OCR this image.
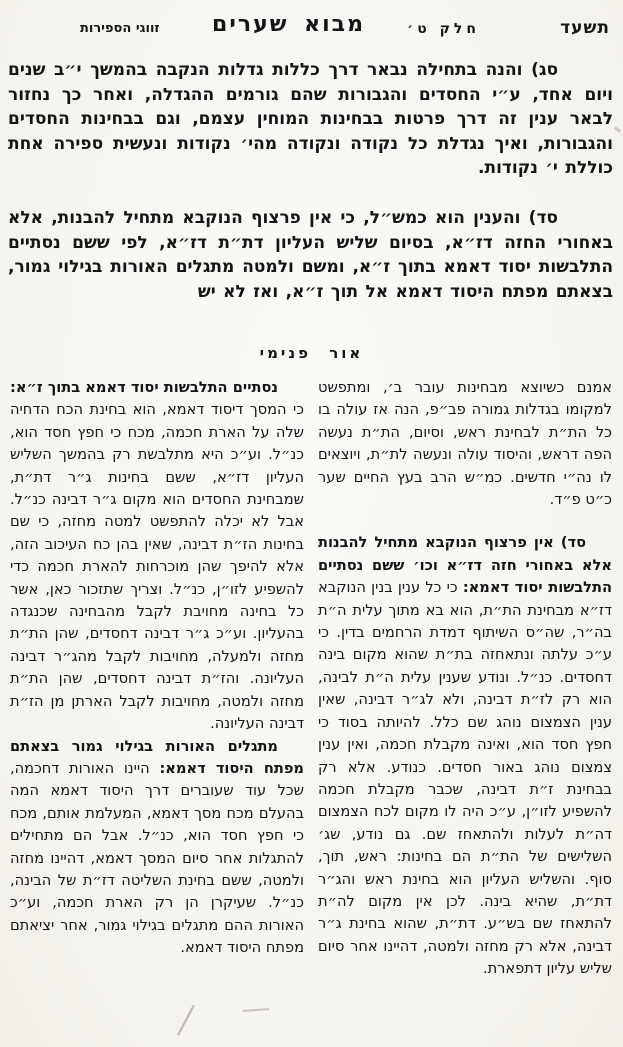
תשעד
חלק ט׳
מבוא שערים
זווגי הספירות

סג) והנה בתחילה נבאר דרך כללות גדלות הנקבה בהמשך י״ב שנים ויום אחד, ע״י החסדים והגבורות שהם גורמים ההגדלה, ואחר כך נחזור לבאר ענין זה דרך פרטות בבחינות המוחין עצמם, וגם בבחינות החסדים והגבורות, ואיך נגדלת כל נקודה ונקודה מהי׳ נקודות ונעשית ספירה אחת כוללת י׳ נקודות.

סד) והענין הוא כמש״ל, כי אין פרצוף הנוקבא מתחיל להבנות, אלא באחורי החזה דז״א, בסיום שליש העליון דת״ת דז״א, לפי ששם נסתיים התלבשות יסוד דאמא בתוך ז״א, ומשם ולמטה מתגלים האורות בגילוי גמור, בצאתם מפתח היסוד דאמא אל תוך ז״א, ואז לא יש

אור פנימי

אמנם כשיוצא מבחינות עובר ב׳, ומתפשט למקומו בגדלות גמורה פב״פ, הנה אז עולה בו כל הת״ת לבחינת ראש, וסיום, הת״ת נעשה הפה דראש, והיסוד עולה ונעשה לת״ת, ויוצאים לו נה״י חדשים. כמ״ש הרב בעץ החיים שער כ״ט פ״ד.

סד) אין פרצוף הנוקבא מתחיל להבנות אלא באחורי חזה דז״א וכו׳ ששם נסתיים התלבשות יסוד דאמא: כי כל ענין בנין הנוקבא דז״א מבחינת הת״ת, הוא בא מתוך עלית ה״ת בה״ר, שה״ס השיתוף דמדת הרחמים בדין. כי ע״כ עלתה ונתאחזה בת״ת שהוא מקום בינה דחסדים. כנ״ל. ונודע שענין עלית ה״ת לבינה, הוא רק לז״ת דבינה, ולא לג״ר דבינה, שאין ענין הצמצום נוהג שם כלל. להיותה בסוד כי חפץ חסד הוא, ואינה מקבלת חכמה, ואין ענין צמצום נוהג באור חסדים. כנודע. אלא רק בבחינת ז״ת דבינה, שכבר מקבלת חכמה להשפיע לזו״ן, ע״כ היה לו מקום לכח הצמצום דה״ת לעלות ולהתאחז שם. גם נודע, שג׳ השלישים של הת״ת הם בחינות: ראש, תוך, סוף. והשליש העליון הוא בחינת ראש והג״ר דת״ת, שהיא בינה. לכן אין מקום לה״ת להתאחז שם בש״ע. דת״ת, שהוא בחינת ג״ר דבינה, אלא רק מחזה ולמטה, דהיינו אחר סיום שליש עליון דתפארת.

נסתיים התלבשות יסוד דאמא בתוך ז״א: כי המסך דיסוד דאמא, הוא בחינת הכח הדחיה שלה על הארת חכמה, מכח כי חפץ חסד הוא, כנ״ל. וע״כ היא מתלבשת רק בהמשך השליש העליון דז״א, ששם בחינות ג״ר דת״ת, שמבחינת החסדים הוא מקום ג״ר דבינה כנ״ל. אבל לא יכלה להתפשט למטה מחזה, כי שם בחינות הז״ת דבינה, שאין בהן כח העיכוב הזה, אלא להיפך שהן מוכרחות להארת חכמה כדי להשפיע לזו״ן, כנ״ל. וצריך שתזכור כאן, אשר כל בחינה מחויבת לקבל מהבחינה שכנגדה בהעליון. וע״כ ג״ר דבינה דחסדים, שהן הת״ת מחזה ולמעלה, מחויבות לקבל מהג״ר דבינה העליונה. והז״ת דבינה דחסדים, שהן הת״ת מחזה ולמטה, מחויבות לקבל הארתן מן הז״ת דבינה העליונה.

מתגלים האורות בגילוי גמור בצאתם מפתח היסוד דאמא: היינו האורות דחכמה, שכל עוד שעוברים דרך היסוד דאמא המה בהעלם מכח מסך דאמא, המעלמת אותם, מכח כי חפץ חסד הוא, כנ״ל. אבל הם מתחילים להתגלות אחר סיום המסך דאמא, דהיינו מחזה ולמטה, ששם בחינת השליטה דז״ת של הבינה, כנ״ל. שעיקרן הן רק הארת חכמה, וע״כ האורות ההם מתגלים בגילוי גמור, אחר יציאתם מפתח היסוד דאמא.
